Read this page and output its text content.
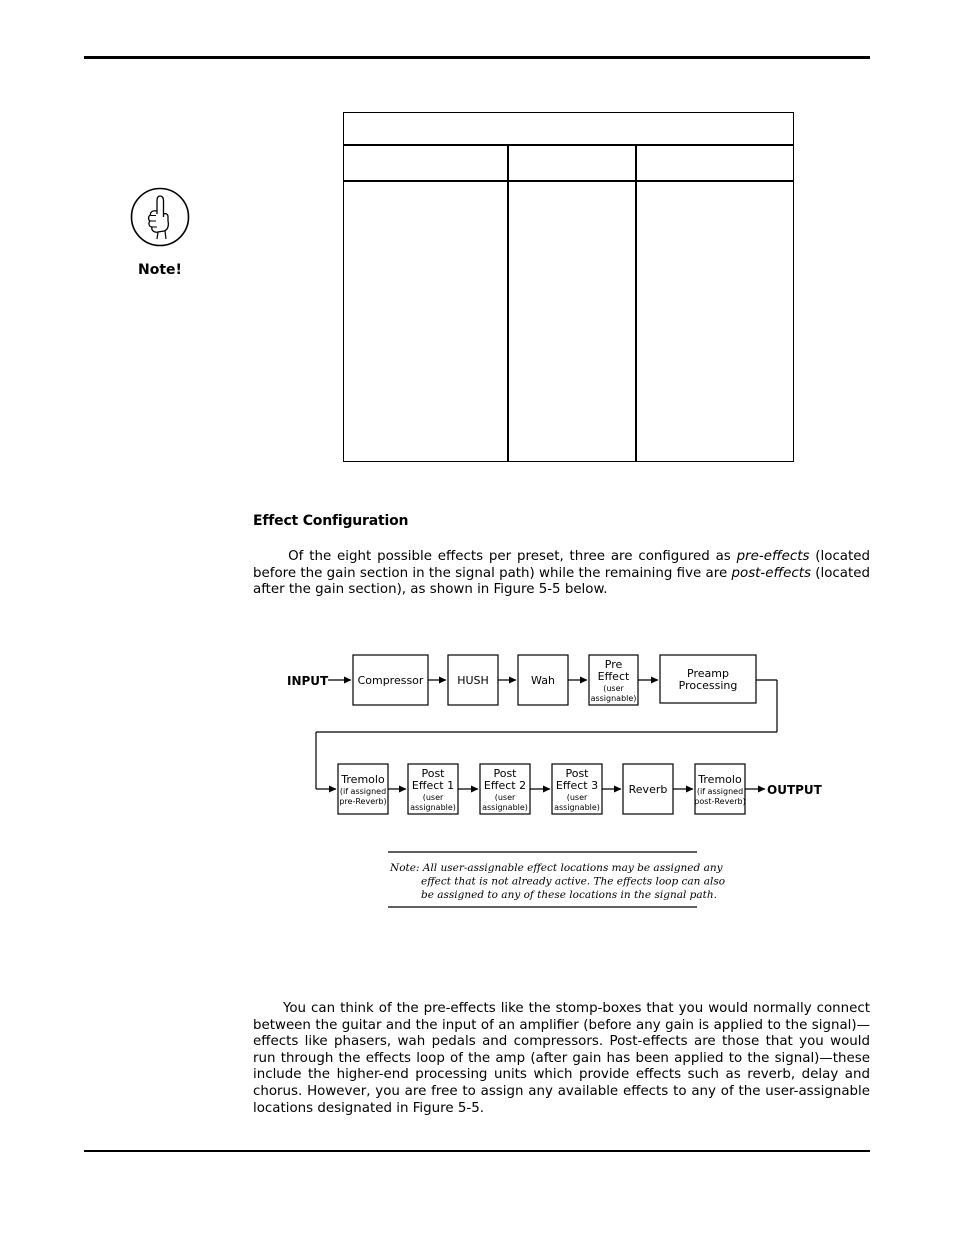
Note!
Effect Configuration

Of the eight possible effects per preset, three are configured as pre-effects (located before the gain section in the signal path) while the remaining five are post-effects (located after the gain section), as shown in Figure 5-5 below.

INPUT	Compressor	HUSH	Wah
Pre
Effect
(user
assignable)
Preamp
Processing
Tremolo
(if assigned
pre-Reverb)
Post
Effect 1
(user
assignable)
Post
Effect 2
(user
assignable)
Post
Effect 3
(user
assignable)
Reverb
Tremolo
(if assigned
post-Reverb)
OUTPUT
Note: All user-assignable effect locations may be assigned any
effect that is not already active. The effects loop can also
be assigned to any of these locations in the signal path.

You can think of the pre-effects like the stomp-boxes that you would normally connect between the guitar and the input of an amplifier (before any gain is applied to the signal)—effects like phasers, wah pedals and compressors. Post-effects are those that you would run through the effects loop of the amp (after gain has been applied to the signal)—these include the higher-end processing units which provide effects such as reverb, delay and chorus. However, you are free to assign any available effects to any of the user-assignable locations designated in Figure 5-5.
